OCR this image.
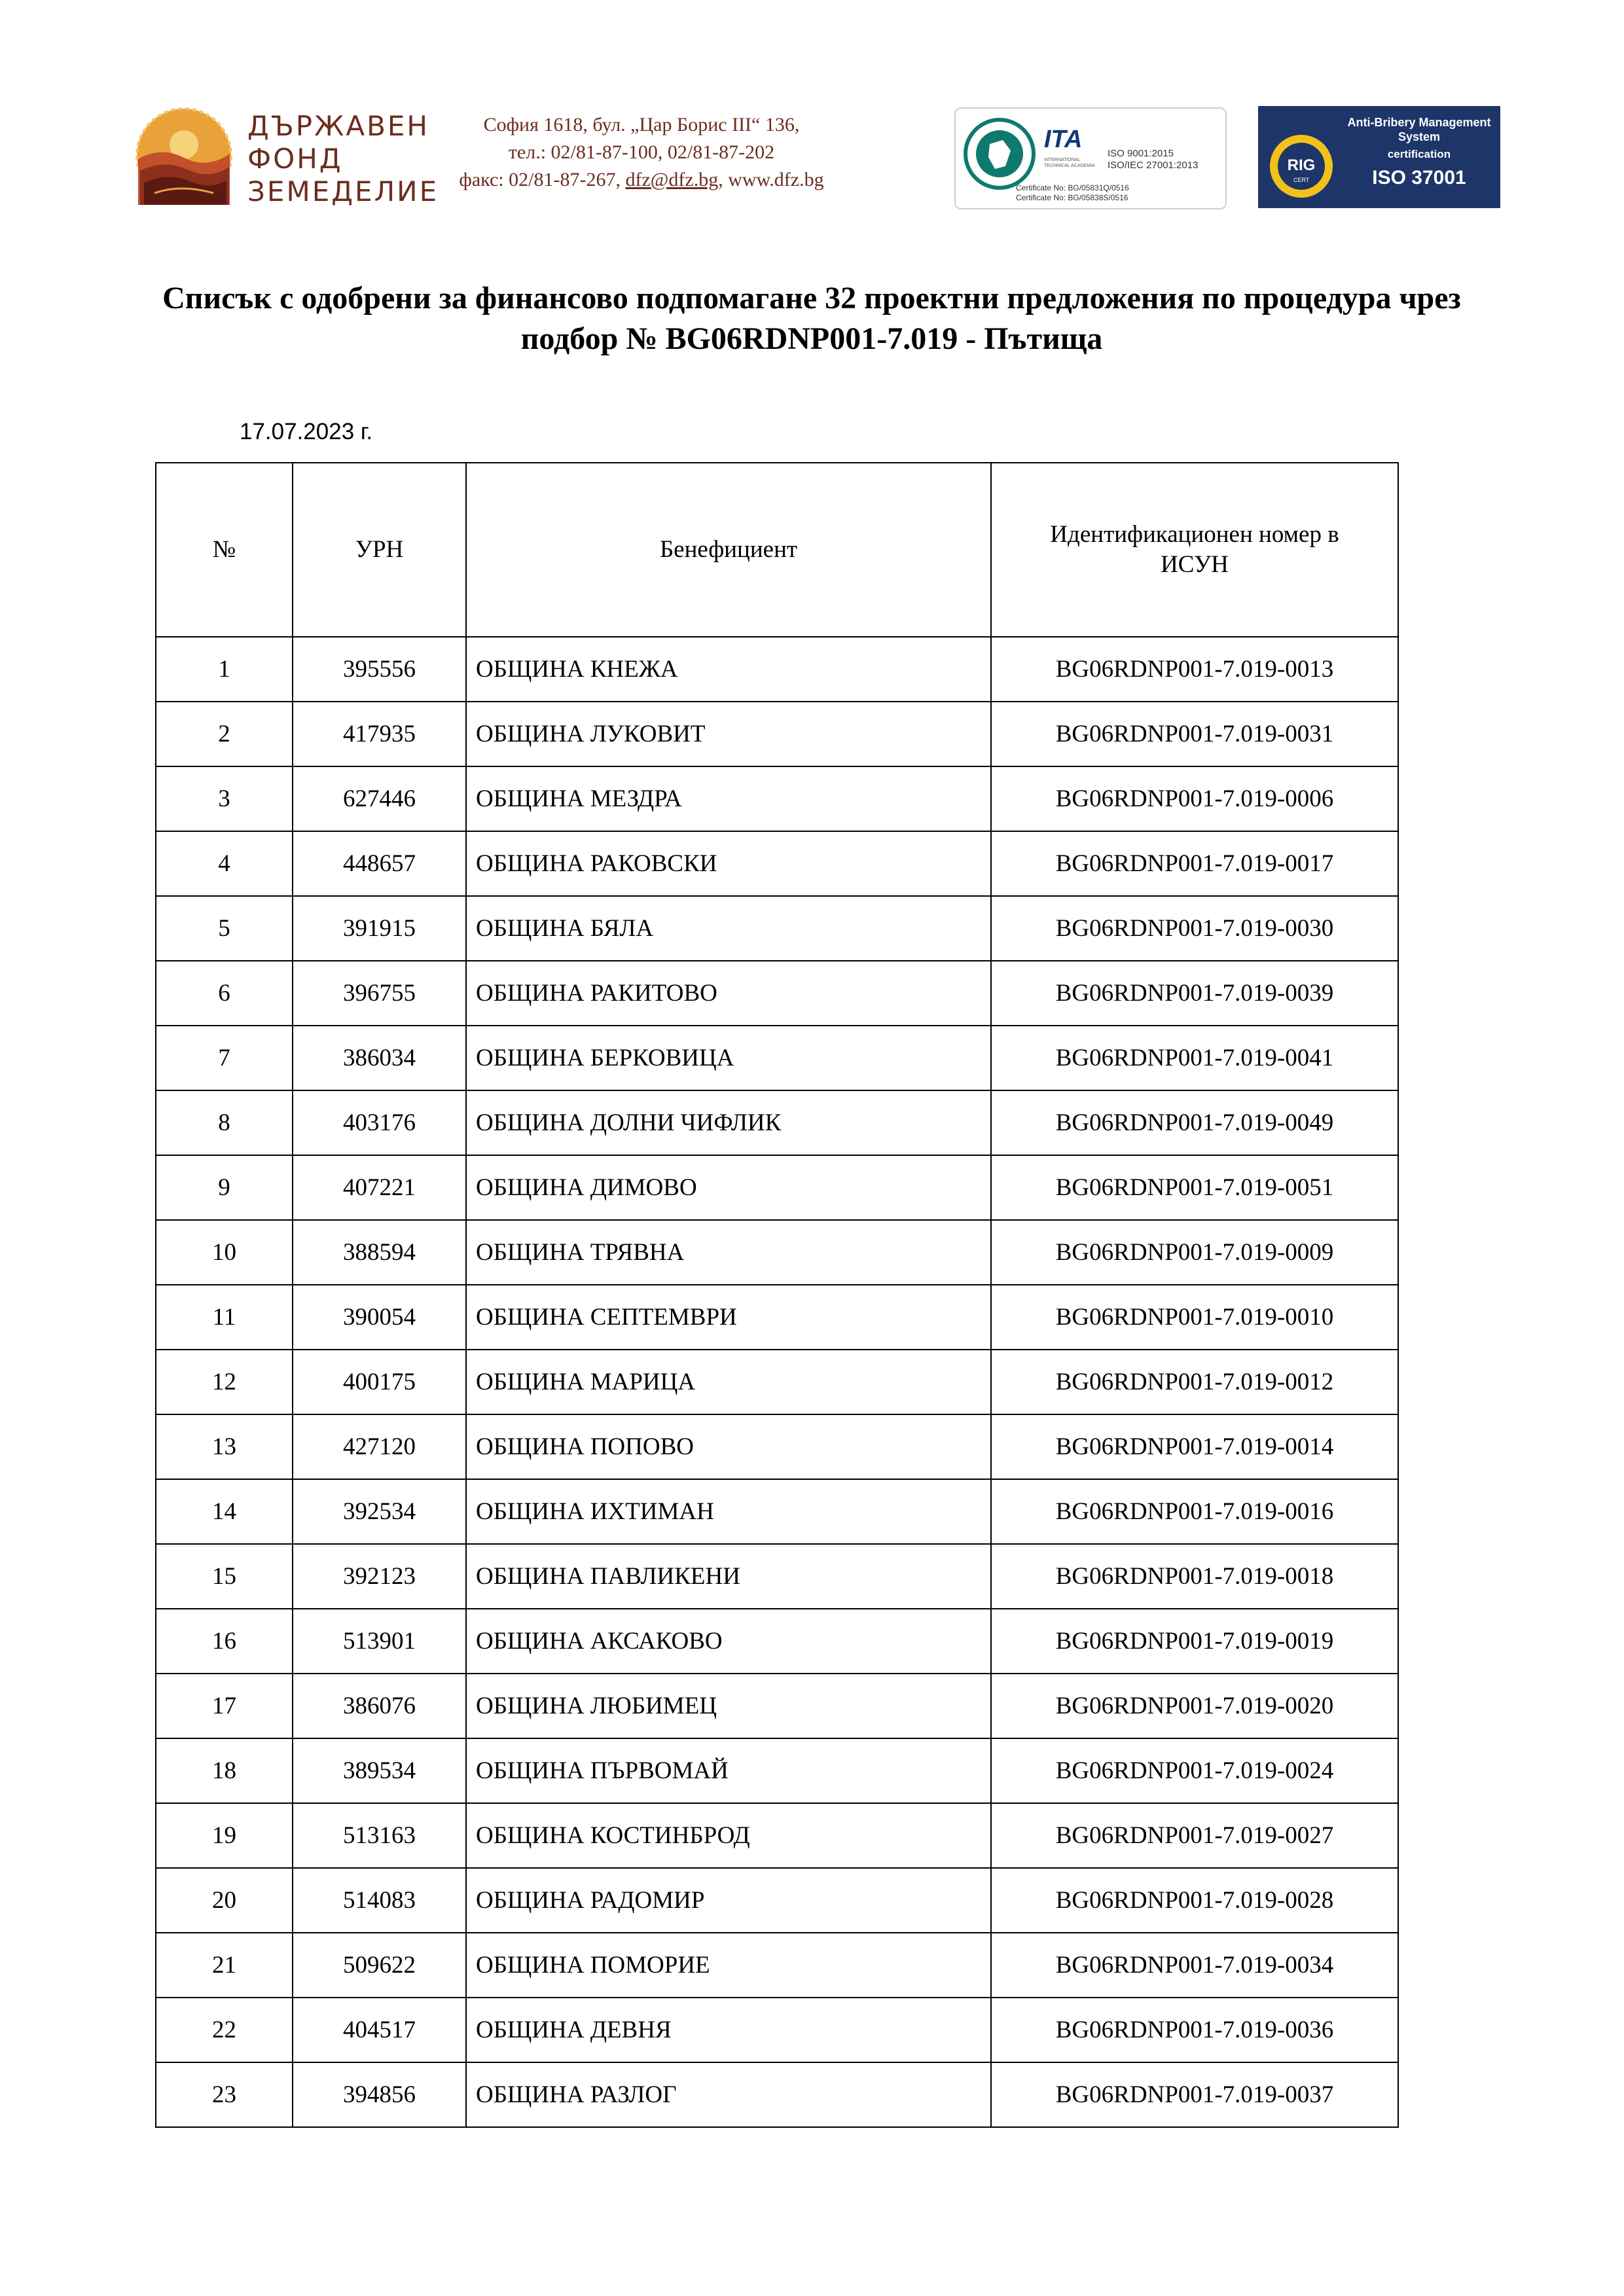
ДЪРЖАВЕН
ФОНД
ЗЕМЕДЕЛИЕ
София 1618, бул. „Цар Борис III“ 136,
тел.: 02/81-87-100, 02/81-87-202
факс: 02/81-87-267, dfz@dfz.bg, www.dfz.bg
ITA
INTERNATIONAL TECHNICAL ACADEMIA
ISO 9001:2015
ISO/IEC 27001:2013
Certificate No: BG/05831Q/0516
Certificate No: BG/05838S/0516
RIG
CERT
Anti-Bribery Management System
certification
ISO 37001
Списък с одобрени за финансово подпомагане 32 проектни предложения по процедура чрез
подбор № BG06RDNP001-7.019 - Пътища
17.07.2023 г.
№	УРН	Бенефициент	Идентификационен номер в ИСУН
1	395556	ОБЩИНА КНЕЖА	BG06RDNP001-7.019-0013
2	417935	ОБЩИНА ЛУКОВИТ	BG06RDNP001-7.019-0031
3	627446	ОБЩИНА МЕЗДРА	BG06RDNP001-7.019-0006
4	448657	ОБЩИНА РАКОВСКИ	BG06RDNP001-7.019-0017
5	391915	ОБЩИНА БЯЛА	BG06RDNP001-7.019-0030
6	396755	ОБЩИНА РАКИТОВО	BG06RDNP001-7.019-0039
7	386034	ОБЩИНА БЕРКОВИЦА	BG06RDNP001-7.019-0041
8	403176	ОБЩИНА ДОЛНИ ЧИФЛИК	BG06RDNP001-7.019-0049
9	407221	ОБЩИНА ДИМОВО	BG06RDNP001-7.019-0051
10	388594	ОБЩИНА ТРЯВНА	BG06RDNP001-7.019-0009
11	390054	ОБЩИНА СЕПТЕМВРИ	BG06RDNP001-7.019-0010
12	400175	ОБЩИНА МАРИЦА	BG06RDNP001-7.019-0012
13	427120	ОБЩИНА ПОПОВО	BG06RDNP001-7.019-0014
14	392534	ОБЩИНА ИХТИМАН	BG06RDNP001-7.019-0016
15	392123	ОБЩИНА ПАВЛИКЕНИ	BG06RDNP001-7.019-0018
16	513901	ОБЩИНА АКСАКОВО	BG06RDNP001-7.019-0019
17	386076	ОБЩИНА ЛЮБИМЕЦ	BG06RDNP001-7.019-0020
18	389534	ОБЩИНА ПЪРВОМАЙ	BG06RDNP001-7.019-0024
19	513163	ОБЩИНА КОСТИНБРОД	BG06RDNP001-7.019-0027
20	514083	ОБЩИНА РАДОМИР	BG06RDNP001-7.019-0028
21	509622	ОБЩИНА ПОМОРИЕ	BG06RDNP001-7.019-0034
22	404517	ОБЩИНА ДЕВНЯ	BG06RDNP001-7.019-0036
23	394856	ОБЩИНА РАЗЛОГ	BG06RDNP001-7.019-0037
